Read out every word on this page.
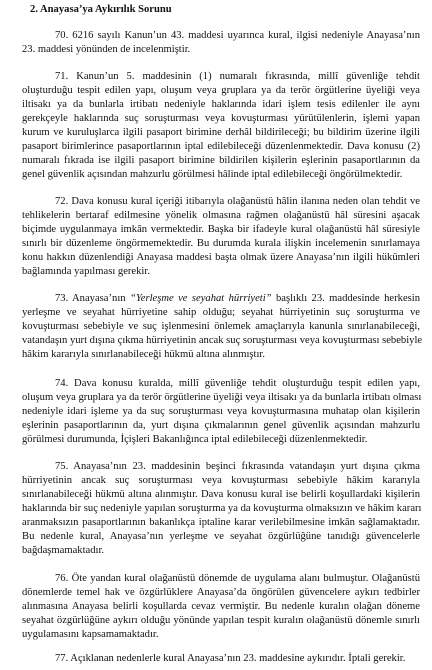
2. Anayasa’ya Aykırılık Sorunu
70. 6216 sayılı Kanun’un 43. maddesi uyarınca kural, ilgisi nedeniyle Anayasa’nın
23. maddesi yönünden de incelenmiştir.
71. Kanun’un 5. maddesinin (1) numaralı fıkrasında, millî güvenliğe tehdit
oluşturduğu tespit edilen yapı, oluşum veya gruplara ya da terör örgütlerine üyeliği veya
iltisakı ya da bunlarla irtibatı nedeniyle haklarında idari işlem tesis edilenler ile aynı
gerekçeyle haklarında suç soruşturması veya kovuşturması yürütülenlerin, işlemi yapan
kurum ve kuruluşlarca ilgili pasaport birimine derhâl bildirileceği; bu bildirim üzerine ilgili
pasaport birimlerince pasaportlarının iptal edilebileceği düzenlenmektedir. Dava konusu (2)
numaralı fıkrada ise ilgili pasaport birimine bildirilen kişilerin eşlerinin pasaportlarının da
genel güvenlik açısından mahzurlu görülmesi hâlinde iptal edilebileceği öngörülmektedir.
72. Dava konusu kural içeriği itibarıyla olağanüstü hâlin ilanına neden olan tehdit ve
tehlikelerin bertaraf edilmesine yönelik olmasına rağmen olağanüstü hâl süresini aşacak
biçimde uygulanmaya imkân vermektedir. Başka bir ifadeyle kural olağanüstü hâl süresiyle
sınırlı bir düzenleme öngörmemektedir. Bu durumda kurala ilişkin incelemenin sınırlamaya
konu hakkın düzenlendiği Anayasa maddesi başta olmak üzere Anayasa’nın ilgili hükümleri
bağlamında yapılması gerekir.
73. Anayasa’nın “Yerleşme ve seyahat hürriyeti” başlıklı 23. maddesinde herkesin
yerleşme ve seyahat hürriyetine sahip olduğu; seyahat hürriyetinin suç soruşturma ve
kovuşturması sebebiyle ve suç işlenmesini önlemek amaçlarıyla kanunla sınırlanabileceği,
vatandaşın yurt dışına çıkma hürriyetinin ancak suç soruşturması veya kovuşturması sebebiyle
hâkim kararıyla sınırlanabileceği hükmü altına alınmıştır.
74. Dava konusu kuralda, millî güvenliğe tehdit oluşturduğu tespit edilen yapı,
oluşum veya gruplara ya da terör örgütlerine üyeliği veya iltisakı ya da bunlarla irtibatı olması
nedeniyle idari işleme ya da suç soruşturması veya kovuşturmasına muhatap olan kişilerin
eşlerinin pasaportlarının da, yurt dışına çıkmalarının genel güvenlik açısından mahzurlu
görülmesi durumunda, İçişleri Bakanlığınca iptal edilebileceği düzenlenmektedir.
75. Anayasa’nın 23. maddesinin beşinci fıkrasında vatandaşın yurt dışına çıkma
hürriyetinin ancak suç soruşturması veya kovuşturması sebebiyle hâkim kararıyla
sınırlanabileceği hükmü altına alınmıştır. Dava konusu kural ise belirli koşullardaki kişilerin
haklarında bir suç nedeniyle yapılan soruşturma ya da kovuşturma olmaksızın ve hâkim kararı
aranmaksızın pasaportlarının bakanlıkça iptaline karar verilebilmesine imkân sağlamaktadır.
Bu nedenle kural, Anayasa’nın yerleşme ve seyahat özgürlüğüne tanıdığı güvencelerle
bağdaşmamaktadır.
76. Öte yandan kural olağanüstü dönemde de uygulama alanı bulmuştur. Olağanüstü
dönemlerde temel hak ve özgürlüklere Anayasa’da öngörülen güvencelere aykırı tedbirler
alınmasına Anayasa belirli koşullarda cevaz vermiştir. Bu nedenle kuralın olağan döneme
seyahat özgürlüğüne aykırı olduğu yönünde yapılan tespit kuralın olağanüstü dönemle sınırlı
uygulamasını kapsamamaktadır.
77. Açıklanan nedenlerle kural Anayasa’nın 23. maddesine aykırıdır. İptali gerekir.
